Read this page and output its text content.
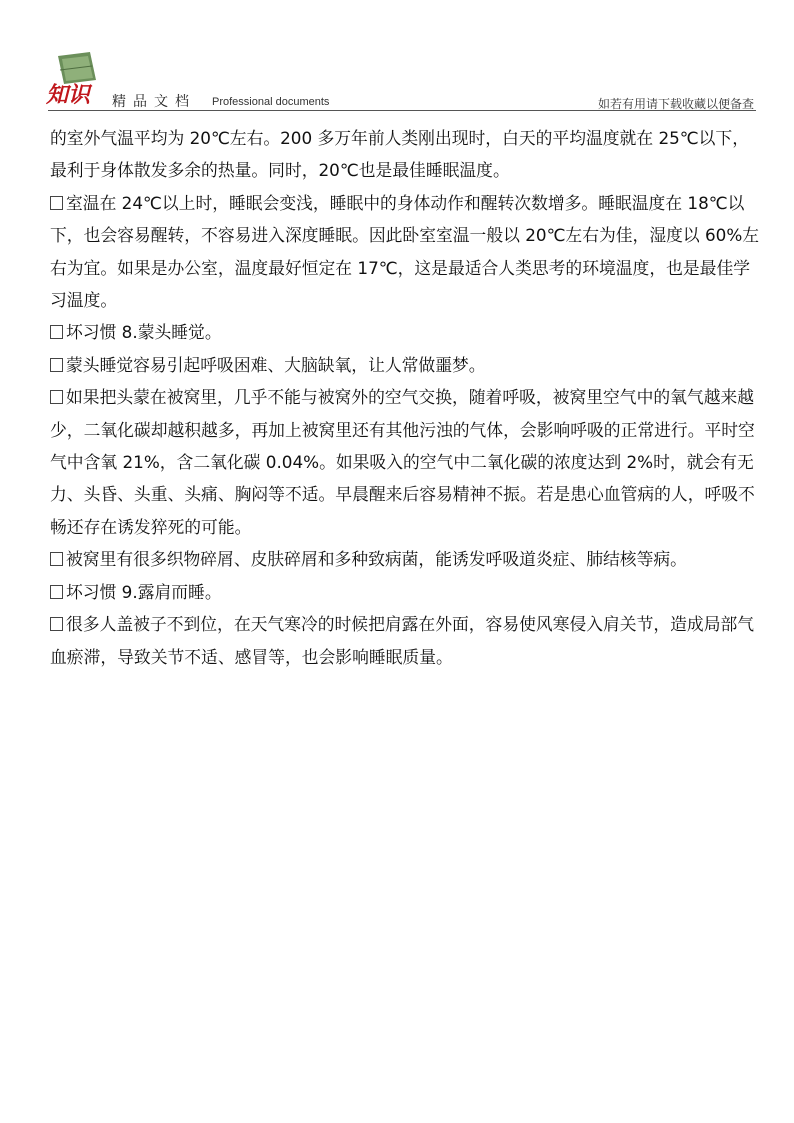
知识 精品文档 Professional documents	如若有用请下载收藏以便备查

的室外气温平均为 20℃左右。200 多万年前人类刚出现时，白天的平均温度就在 25℃以下，最利于身体散发多余的热量。同时，20℃也是最佳睡眠温度。

室温在 24℃以上时，睡眠会变浅，睡眠中的身体动作和醒转次数增多。睡眠温度在 18℃以下，也会容易醒转，不容易进入深度睡眠。因此卧室室温一般以 20℃左右为佳，湿度以 60%左右为宜。如果是办公室，温度最好恒定在 17℃，这是最适合人类思考的环境温度，也是最佳学习温度。

坏习惯 8.蒙头睡觉。

蒙头睡觉容易引起呼吸困难、大脑缺氧，让人常做噩梦。

如果把头蒙在被窝里，几乎不能与被窝外的空气交换，随着呼吸，被窝里空气中的氧气越来越少，二氧化碳却越积越多，再加上被窝里还有其他污浊的气体，会影响呼吸的正常进行。平时空气中含氧 21%，含二氧化碳 0.04%。如果吸入的空气中二氧化碳的浓度达到 2%时，就会有无力、头昏、头重、头痛、胸闷等不适。早晨醒来后容易精神不振。若是患心血管病的人，呼吸不畅还存在诱发猝死的可能。

被窝里有很多织物碎屑、皮肤碎屑和多种致病菌，能诱发呼吸道炎症、肺结核等病。

坏习惯 9.露肩而睡。

很多人盖被子不到位，在天气寒冷的时候把肩露在外面，容易使风寒侵入肩关节，造成局部气血瘀滞，导致关节不适、感冒等，也会影响睡眠质量。
